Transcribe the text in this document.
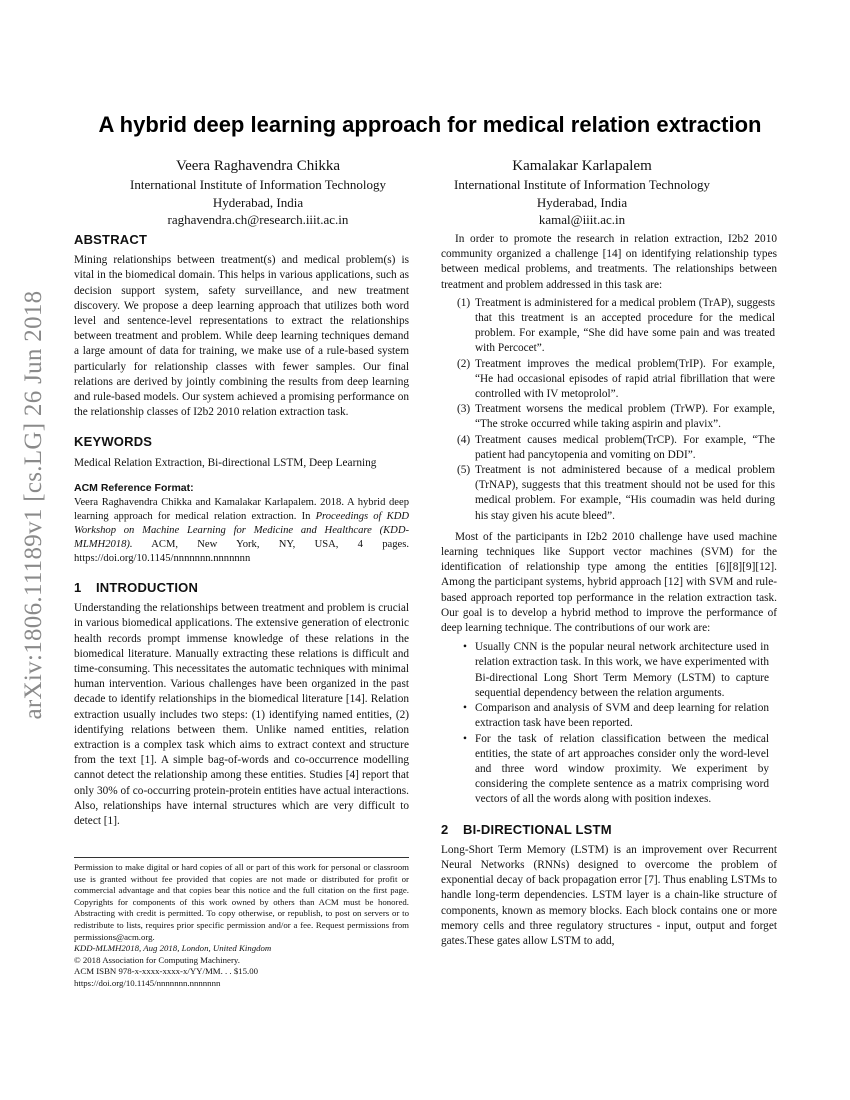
arXiv:1806.11189v1 [cs.LG] 26 Jun 2018
A hybrid deep learning approach for medical relation extraction
Veera Raghavendra Chikka
International Institute of Information Technology
Hyderabad, India
raghavendra.ch@research.iiit.ac.in
Kamalakar Karlapalem
International Institute of Information Technology
Hyderabad, India
kamal@iiit.ac.in
ABSTRACT

Mining relationships between treatment(s) and medical problem(s) is vital in the biomedical domain. This helps in various applications, such as decision support system, safety surveillance, and new treatment discovery. We propose a deep learning approach that utilizes both word level and sentence-level representations to extract the relationships between treatment and problem. While deep learning techniques demand a large amount of data for training, we make use of a rule-based system particularly for relationship classes with fewer samples. Our final relations are derived by jointly combining the results from deep learning and rule-based models. Our system achieved a promising performance on the relationship classes of I2b2 2010 relation extraction task.

KEYWORDS

Medical Relation Extraction, Bi-directional LSTM, Deep Learning

ACM Reference Format:

Veera Raghavendra Chikka and Kamalakar Karlapalem. 2018. A hybrid deep learning approach for medical relation extraction. In Proceedings of KDD Workshop on Machine Learning for Medicine and Healthcare (KDD-MLMH2018). ACM, New York, NY, USA, 4 pages. https://doi.org/10.1145/nnnnnnn.nnnnnnn

1 INTRODUCTION

Understanding the relationships between treatment and problem is crucial in various biomedical applications. The extensive generation of electronic health records prompt immense knowledge of these relations in the biomedical literature. Manually extracting these relations is difficult and time-consuming. This necessitates the automatic techniques with minimal human intervention. Various challenges have been organized in the past decade to identify relationships in the biomedical literature [14]. Relation extraction usually includes two steps: (1) identifying named entities, (2) identifying relations between them. Unlike named entities, relation extraction is a complex task which aims to extract context and structure from the text [1]. A simple bag-of-words and co-occurrence modelling cannot detect the relationship among these entities. Studies [4] report that only 30% of co-occurring protein-protein entities have actual interactions. Also, relationships have internal structures which are very difficult to detect [1].

Permission to make digital or hard copies of all or part of this work for personal or classroom use is granted without fee provided that copies are not made or distributed for profit or commercial advantage and that copies bear this notice and the full citation on the first page. Copyrights for components of this work owned by others than ACM must be honored. Abstracting with credit is permitted. To copy otherwise, or republish, to post on servers or to redistribute to lists, requires prior specific permission and/or a fee. Request permissions from permissions@acm.org.

KDD-MLMH2018, Aug 2018, London, United Kingdom

© 2018 Association for Computing Machinery.

ACM ISBN 978-x-xxxx-xxxx-x/YY/MM. . . $15.00

https://doi.org/10.1145/nnnnnnn.nnnnnnn

In order to promote the research in relation extraction, I2b2 2010 community organized a challenge [14] on identifying relationship types between medical problems, and treatments. The relationships between treatment and problem addressed in this task are:

(1) Treatment is administered for a medical problem (TrAP), suggests that this treatment is an accepted procedure for the medical problem. For example, “She did have some pain and was treated with Percocet”.
(2) Treatment improves the medical problem(TrIP). For example, “He had occasional episodes of rapid atrial fibrillation that were controlled with IV metoprolol”.
(3) Treatment worsens the medical problem (TrWP). For example, “The stroke occurred while taking aspirin and plavix”.
(4) Treatment causes medical problem(TrCP). For example, “The patient had pancytopenia and vomiting on DDI”.
(5) Treatment is not administered because of a medical problem (TrNAP), suggests that this treatment should not be used for this medical problem. For example, “His coumadin was held during his stay given his acute bleed”.

Most of the participants in I2b2 2010 challenge have used machine learning techniques like Support vector machines (SVM) for the identification of relationship type among the entities [6][8][9][12]. Among the participant systems, hybrid approach [12] with SVM and rule-based approach reported top performance in the relation extraction task. Our goal is to develop a hybrid method to improve the performance of deep learning technique. The contributions of our work are:

• Usually CNN is the popular neural network architecture used in relation extraction task. In this work, we have experimented with Bi-directional Long Short Term Memory (LSTM) to capture sequential dependency between the relation arguments.
• Comparison and analysis of SVM and deep learning for relation extraction task have been reported.
• For the task of relation classification between the medical entities, the state of art approaches consider only the word-level and three word window proximity. We experiment by considering the complete sentence as a matrix comprising word vectors of all the words along with position indexes.
2 BI-DIRECTIONAL LSTM

Long-Short Term Memory (LSTM) is an improvement over Recurrent Neural Networks (RNNs) designed to overcome the problem of exponential decay of back propagation error [7]. Thus enabling LSTMs to handle long-term dependencies. LSTM layer is a chain-like structure of components, known as memory blocks. Each block contains one or more memory cells and three regulatory structures - input, output and forget gates.These gates allow LSTM to add,
